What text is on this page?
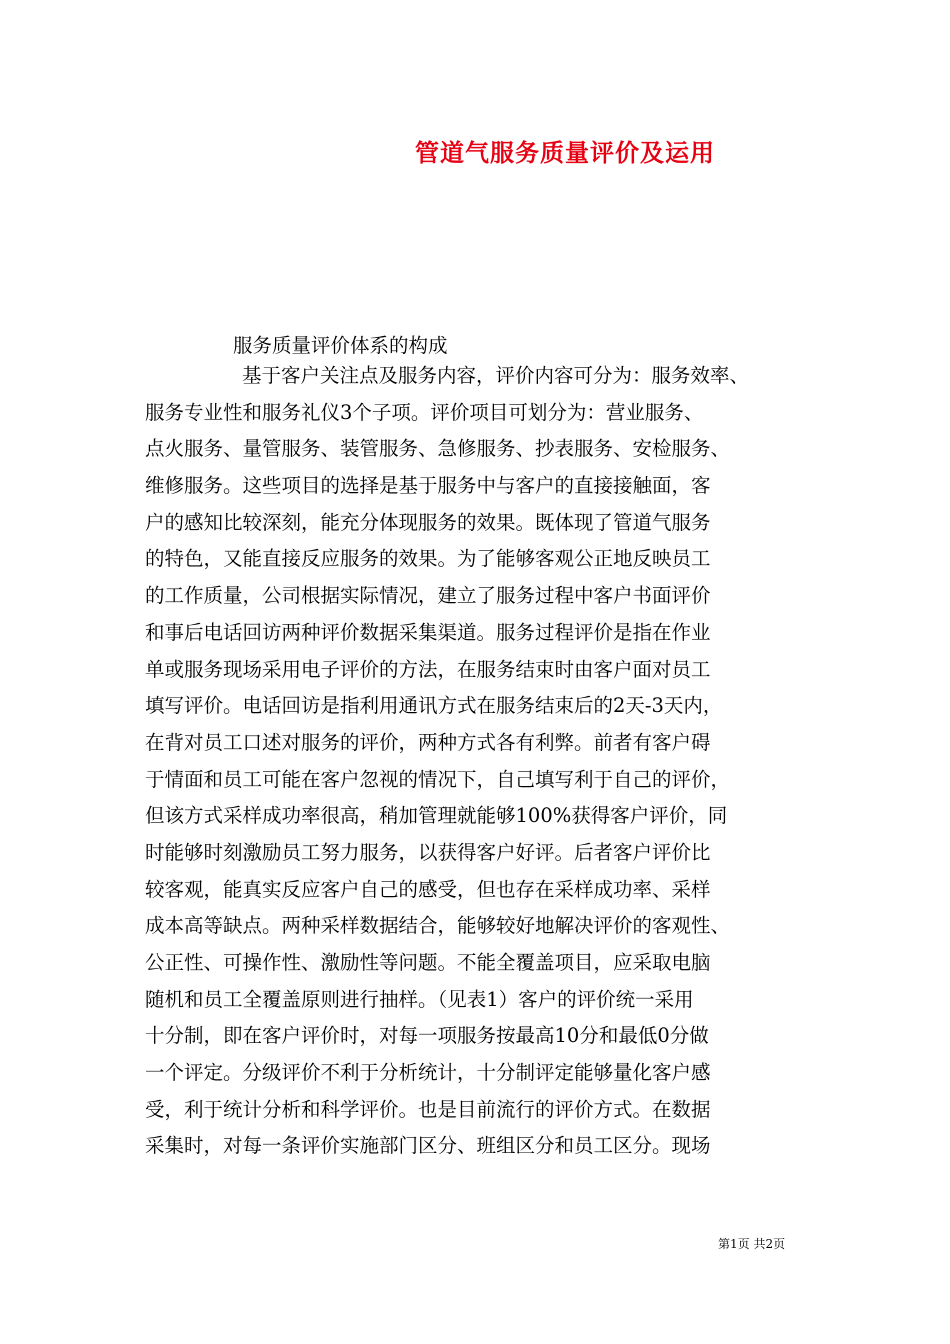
管道气服务质量评价及运用
服务质量评价体系的构成
基于客户关注点及服务内容，评价内容可分为：服务效率、
服务专业性和服务礼仪3个子项。评价项目可划分为：营业服务、
点火服务、量管服务、装管服务、急修服务、抄表服务、安检服务、
维修服务。这些项目的选择是基于服务中与客户的直接接触面，客
户的感知比较深刻，能充分体现服务的效果。既体现了管道气服务
的特色，又能直接反应服务的效果。为了能够客观公正地反映员工
的工作质量，公司根据实际情况，建立了服务过程中客户书面评价
和事后电话回访两种评价数据采集渠道。服务过程评价是指在作业
单或服务现场采用电子评价的方法，在服务结束时由客户面对员工
填写评价。电话回访是指利用通讯方式在服务结束后的2天-3天内，
在背对员工口述对服务的评价，两种方式各有利弊。前者有客户碍
于情面和员工可能在客户忽视的情况下，自己填写利于自己的评价，
但该方式采样成功率很高，稍加管理就能够100%获得客户评价，同
时能够时刻激励员工努力服务，以获得客户好评。后者客户评价比
较客观，能真实反应客户自己的感受，但也存在采样成功率、采样
成本高等缺点。两种采样数据结合，能够较好地解决评价的客观性、
公正性、可操作性、激励性等问题。不能全覆盖项目，应采取电脑
随机和员工全覆盖原则进行抽样。（见表1）客户的评价统一采用
十分制，即在客户评价时，对每一项服务按最高10分和最低0分做
一个评定。分级评价不利于分析统计，十分制评定能够量化客户感
受，利于统计分析和科学评价。也是目前流行的评价方式。在数据
采集时，对每一条评价实施部门区分、班组区分和员工区分。现场
第1页 共2页
